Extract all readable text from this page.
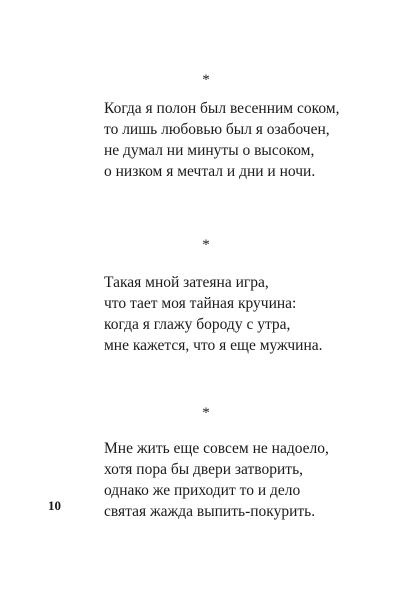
*
Когда я полон был весенним соком,
то лишь любовью был я озабочен,
не думал ни минуты о высоком,
о низком я мечтал и дни и ночи.
*
Такая мной затеяна игра,
что тает моя тайная кручина:
когда я глажу бороду с утра,
мне кажется, что я еще мужчина.
*
Мне жить еще совсем не надоело,
хотя пора бы двери затворить,
однако же приходит то и дело
святая жажда выпить-покурить.
10
